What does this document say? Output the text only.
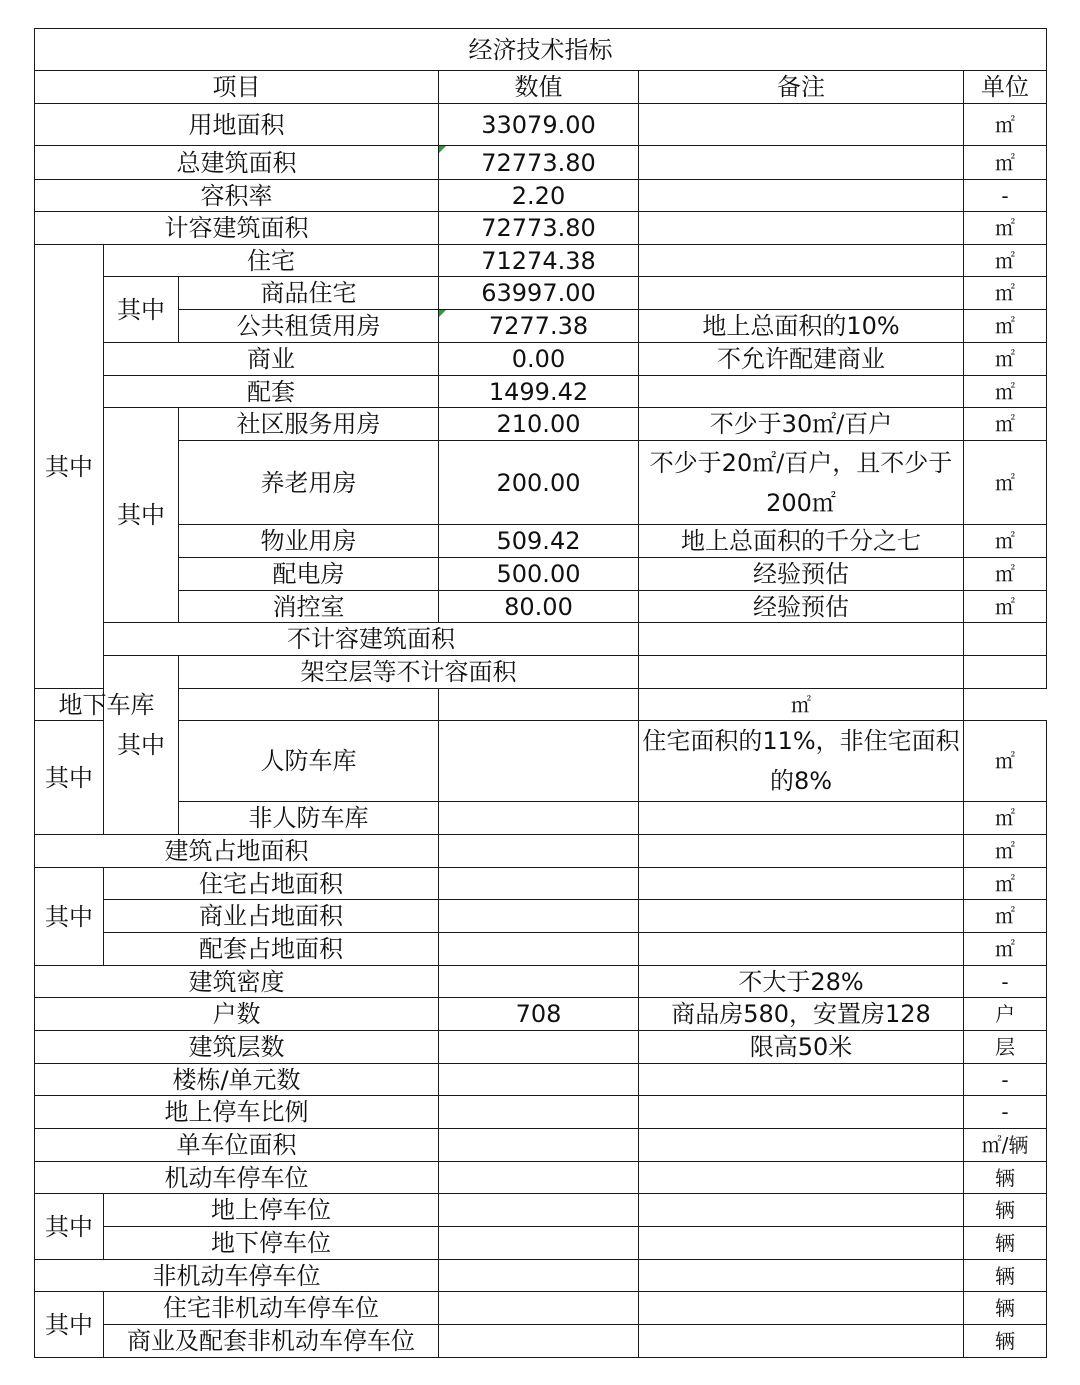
经济技术指标						
项目			数值	备注	单位	
用地面积			33079.00		㎡	
总建筑面积			72773.80		㎡	
容积率			2.20		-	
计容建筑面积			72773.80		㎡	
其中	住宅		71274.38		㎡	
	其中	商品住宅	63997.00		㎡	
		公共租赁用房	7277.38	地上总面积的10%	㎡	
	商业		0.00	不允许配建商业	㎡	
	配套		1499.42		㎡	
	其中	社区服务用房	210.00	不少于30㎡/百户	㎡	
		养老用房	200.00	不少于20㎡/百户，且不少于200㎡	㎡	
		物业用房	509.42	地上总面积的千分之七	㎡	
		配电房	500.00	经验预估	㎡	
		消控室	80.00	经验预估	㎡	
	不计容建筑面积			
	其中	架空层等不计容面积			
地下车库				㎡		
其中		人防车库		住宅面积的11%，非住宅面积的8%	㎡	
		非人防车库			㎡	
建筑占地面积				㎡
其中	住宅占地面积			㎡
	商业占地面积			㎡
	配套占地面积			㎡
建筑密度			不大于28%	-
户数		708	商品房580，安置房128	户
建筑层数			限高50米	层
楼栋/单元数				-
地上停车比例				-
单车位面积				㎡/辆
机动车停车位				辆
其中	地上停车位			辆
	地下停车位			辆
非机动车停车位				辆
其中	住宅非机动车停车位			辆
	商业及配套非机动车停车位			辆
